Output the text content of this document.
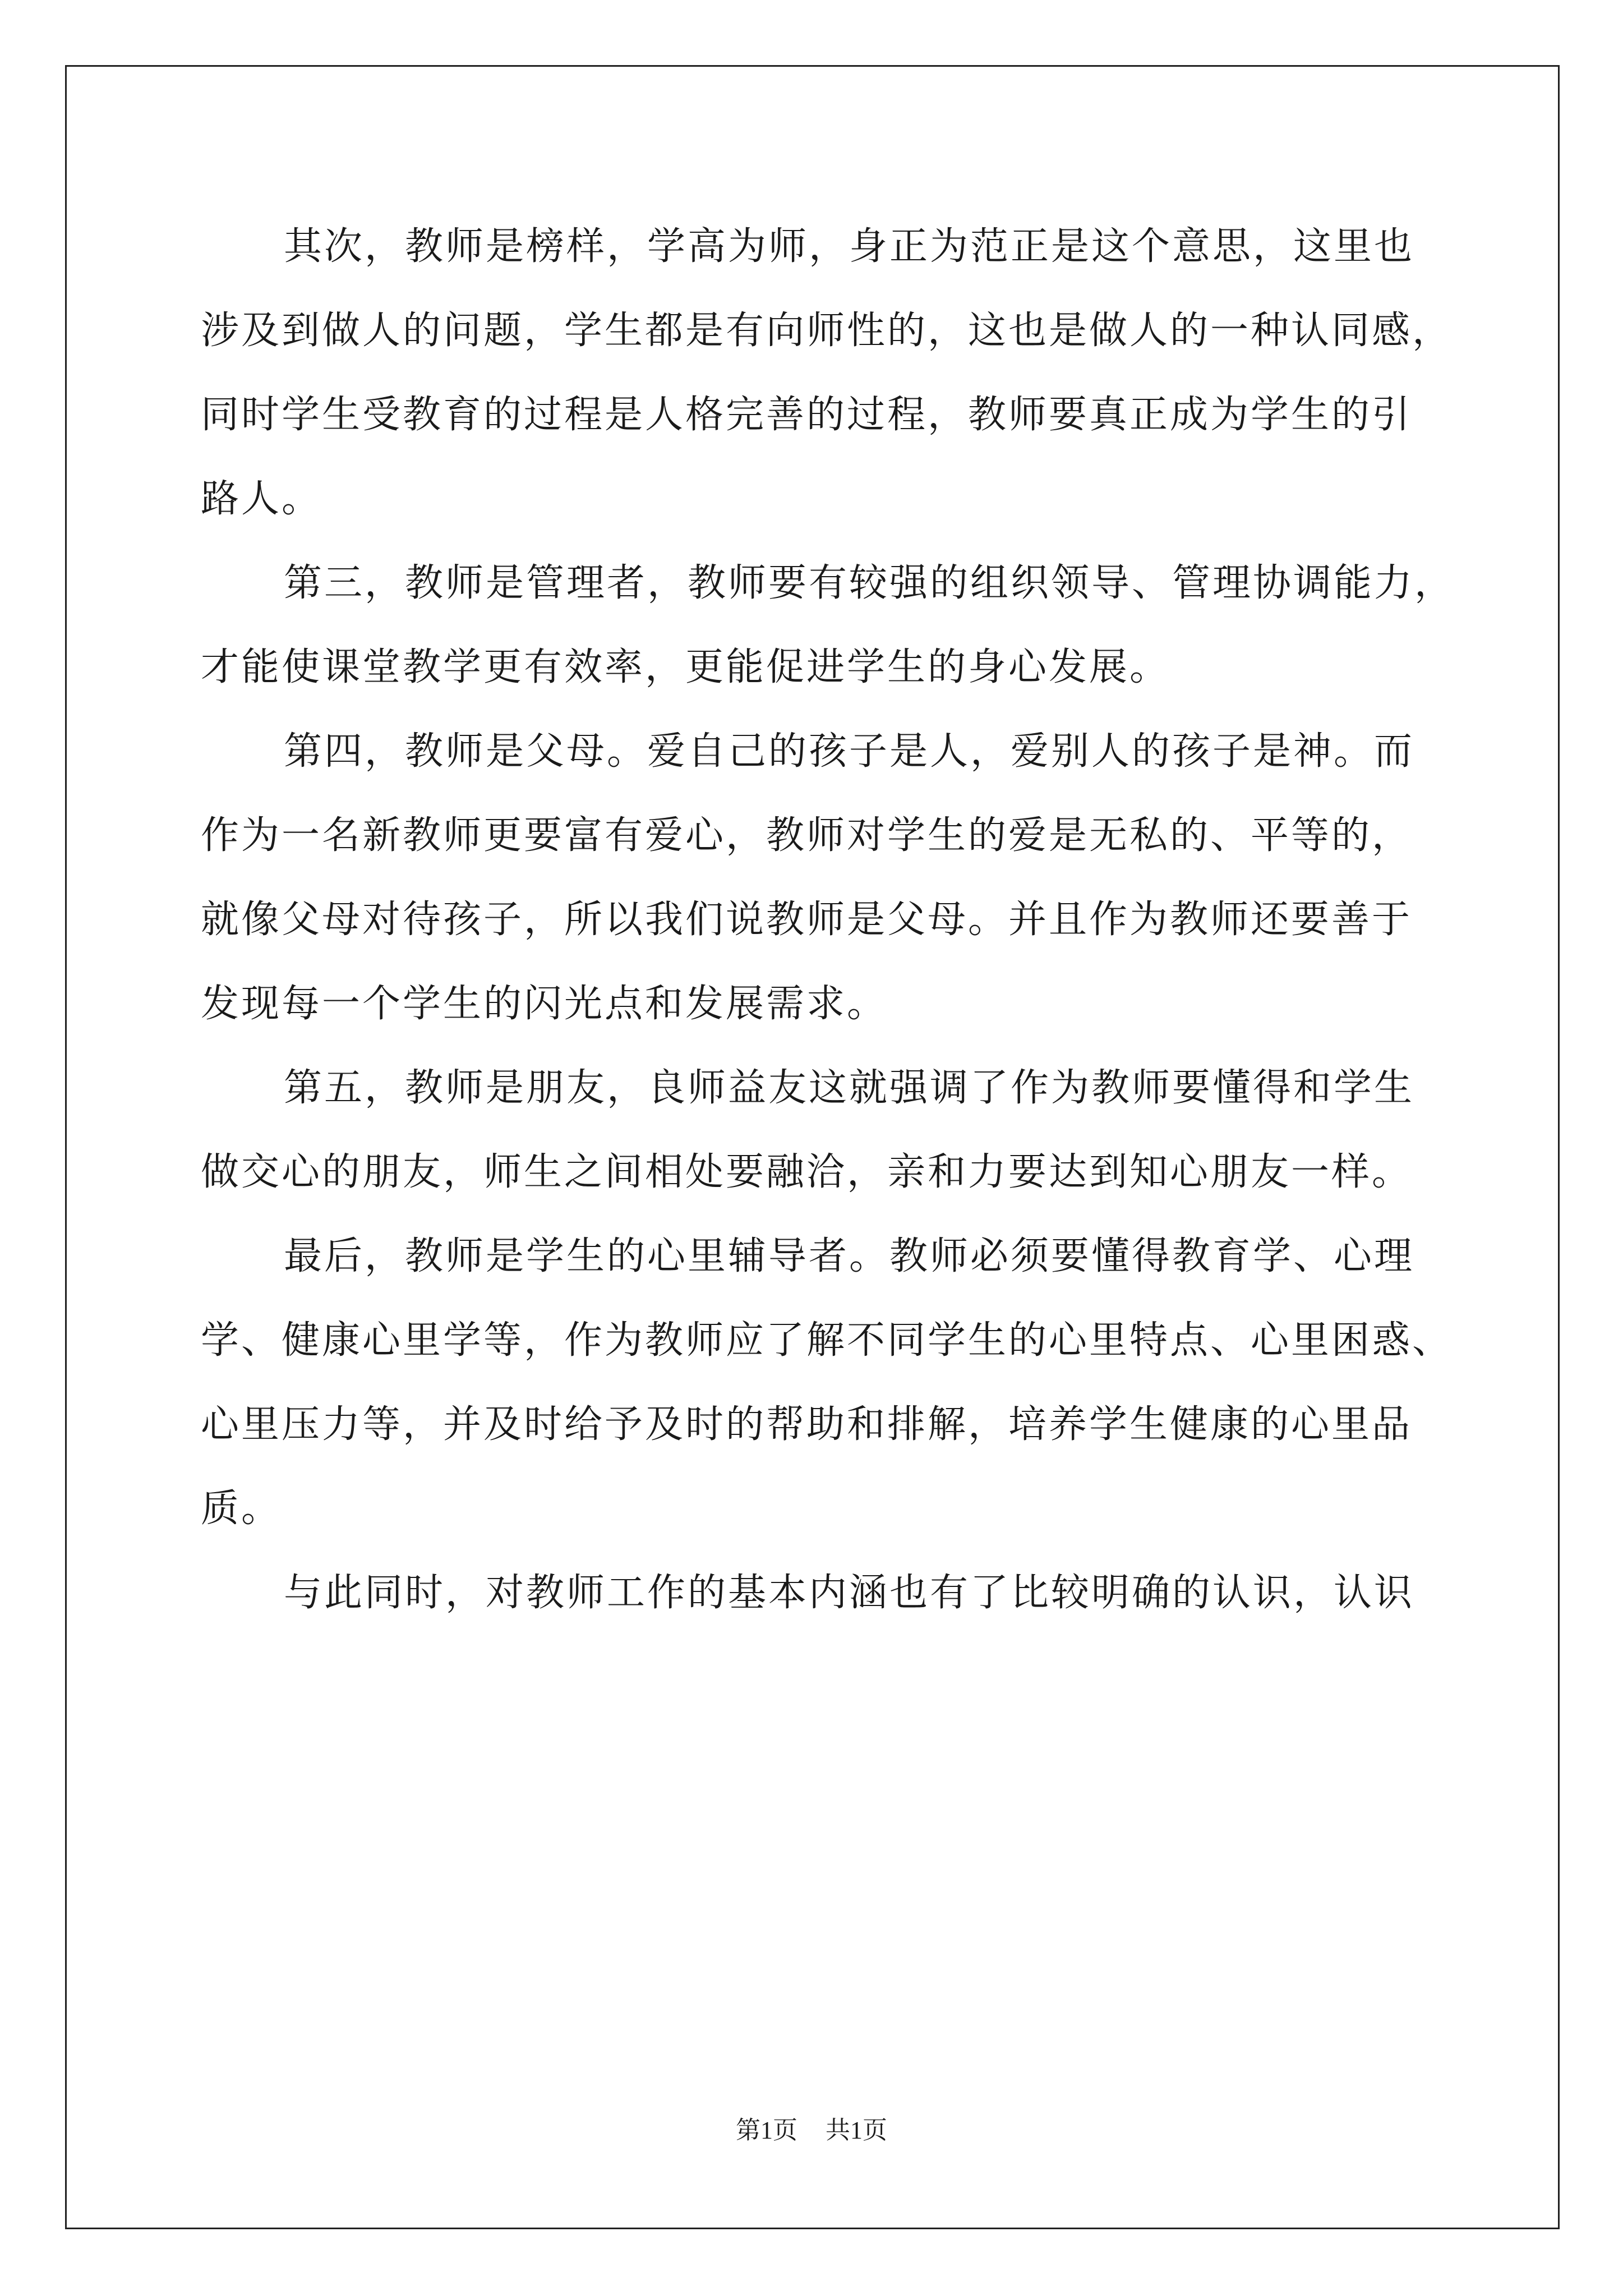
其次，教师是榜样，学高为师，身正为范正是这个意思，这里也
涉及到做人的问题，学生都是有向师性的，这也是做人的一种认同感，
同时学生受教育的过程是人格完善的过程，教师要真正成为学生的引
路人。
第三，教师是管理者，教师要有较强的组织领导、管理协调能力，
才能使课堂教学更有效率，更能促进学生的身心发展。
第四，教师是父母。爱自己的孩子是人，爱别人的孩子是神。而
作为一名新教师更要富有爱心，教师对学生的爱是无私的、平等的，
就像父母对待孩子，所以我们说教师是父母。并且作为教师还要善于
发现每一个学生的闪光点和发展需求。
第五，教师是朋友，良师益友这就强调了作为教师要懂得和学生
做交心的朋友，师生之间相处要融洽，亲和力要达到知心朋友一样。
最后，教师是学生的心里辅导者。教师必须要懂得教育学、心理
学、健康心里学等，作为教师应了解不同学生的心里特点、心里困惑、
心里压力等，并及时给予及时的帮助和排解，培养学生健康的心里品
质。
与此同时，对教师工作的基本内涵也有了比较明确的认识，认识
第1页 共1页
